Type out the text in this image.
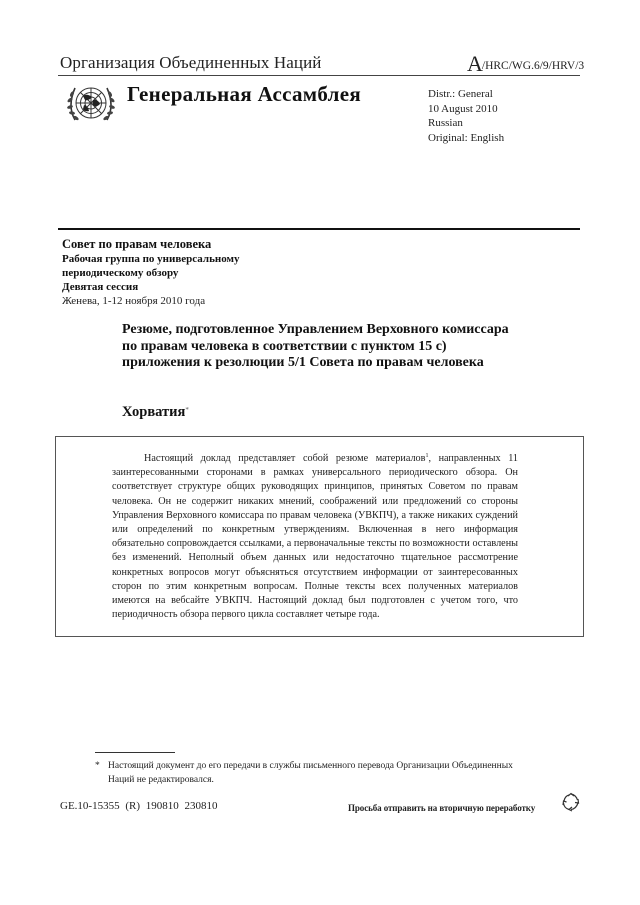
Организация Объединенных Наций	A/HRC/WG.6/9/HRV/3
Генеральная Ассамблея	Distr.: General
10 August 2010
Russian
Original: English
Совет по правам человека
Рабочая группа по универсальному
периодическому обзору
Девятая сессия
Женева, 1-12 ноября 2010 года
Резюме, подготовленное Управлением Верховного комиссара по правам человека в соответствии с пунктом 15 с) приложения к резолюции 5/1 Совета по правам человека
Хорватия*
Настоящий доклад представляет собой резюме материалов$^1$, направленных 11 заинтересованными сторонами в рамках универсального периодического обзора. Он соответствует структуре общих руководящих принципов, принятых Советом по правам человека. Он не содержит никаких мнений, соображений или предложений со стороны Управления Верховного комиссара по правам человека (УВКПЧ), а также никаких суждений или определений по конкретным утверждениям. Включенная в него информация обязательно сопровождается ссылками, а первоначальные тексты по возможности оставлены без изменений. Неполный объем данных или недостаточно тщательное рассмотрение конкретных вопросов могут объясняться отсутствием информации от заинтересованных сторон по этим конкретным вопросам. Полные тексты всех полученных материалов имеются на вебсайте УВКПЧ. Настоящий доклад был подготовлен с учетом того, что периодичность обзора первого цикла составляет четыре года.
* Настоящий документ до его передачи в службы письменного перевода Организации Объединенных Наций не редактировался.
GE.10-15355 (R) 190810 230810	Просьба отправить на вторичную переработку
